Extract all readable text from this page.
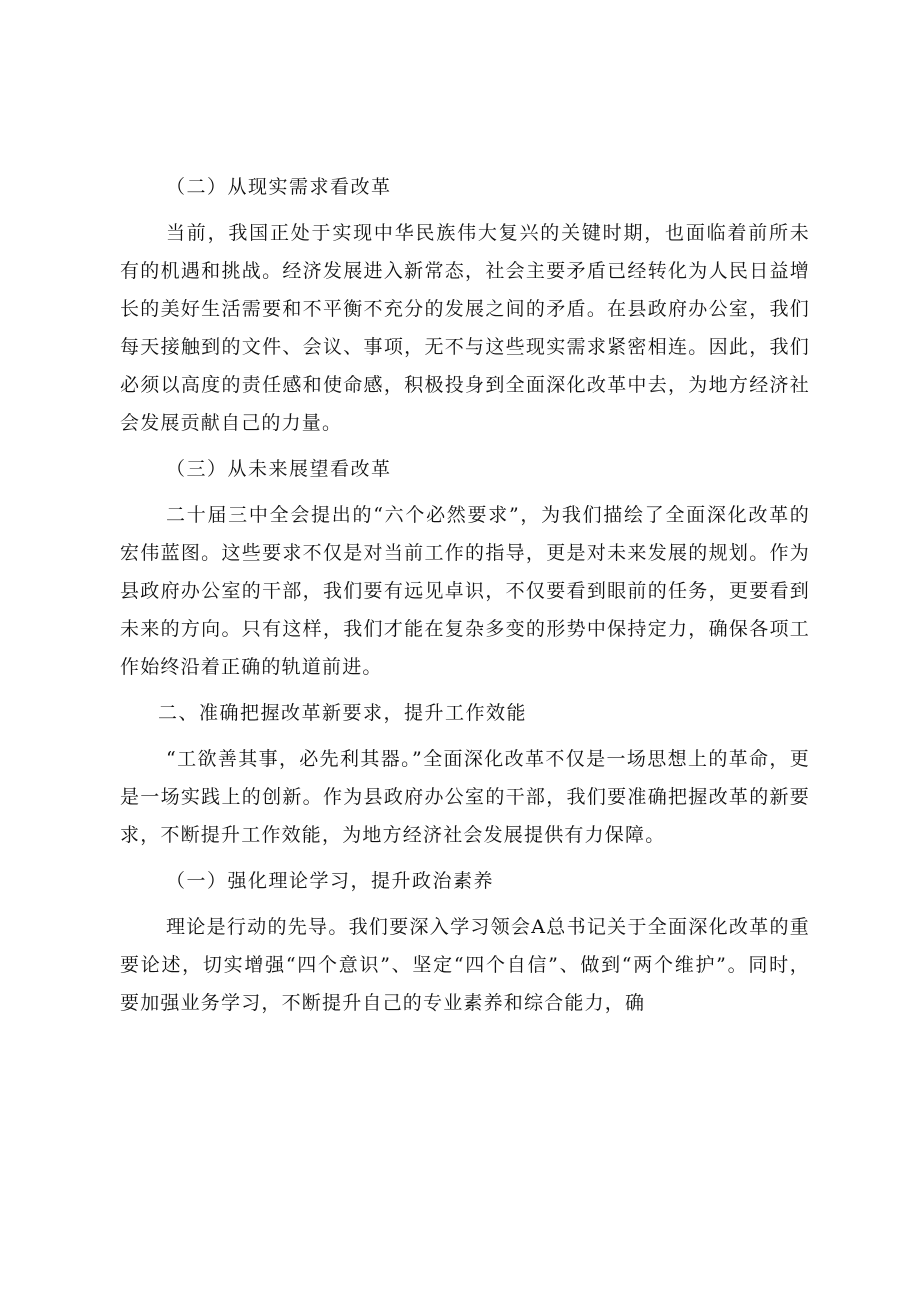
（二）从现实需求看改革

当前，我国正处于实现中华民族伟大复兴的关键时期，也面临着前所未有的机遇和挑战。经济发展进入新常态，社会主要矛盾已经转化为人民日益增长的美好生活需要和不平衡不充分的发展之间的矛盾。在县政府办公室，我们每天接触到的文件、会议、事项，无不与这些现实需求紧密相连。因此，我们必须以高度的责任感和使命感，积极投身到全面深化改革中去，为地方经济社会发展贡献自己的力量。

（三）从未来展望看改革

二十届三中全会提出的“六个必然要求”，为我们描绘了全面深化改革的宏伟蓝图。这些要求不仅是对当前工作的指导，更是对未来发展的规划。作为县政府办公室的干部，我们要有远见卓识，不仅要看到眼前的任务，更要看到未来的方向。只有这样，我们才能在复杂多变的形势中保持定力，确保各项工作始终沿着正确的轨道前进。

二、准确把握改革新要求，提升工作效能

“工欲善其事，必先利其器。”全面深化改革不仅是一场思想上的革命，更是一场实践上的创新。作为县政府办公室的干部，我们要准确把握改革的新要求，不断提升工作效能，为地方经济社会发展提供有力保障。

（一）强化理论学习，提升政治素养

理论是行动的先导。我们要深入学习领会A总书记关于全面深化改革的重要论述，切实增强“四个意识”、坚定“四个自信”、做到“两个维护”。同时，要加强业务学习，不断提升自己的专业素养和综合能力，确
